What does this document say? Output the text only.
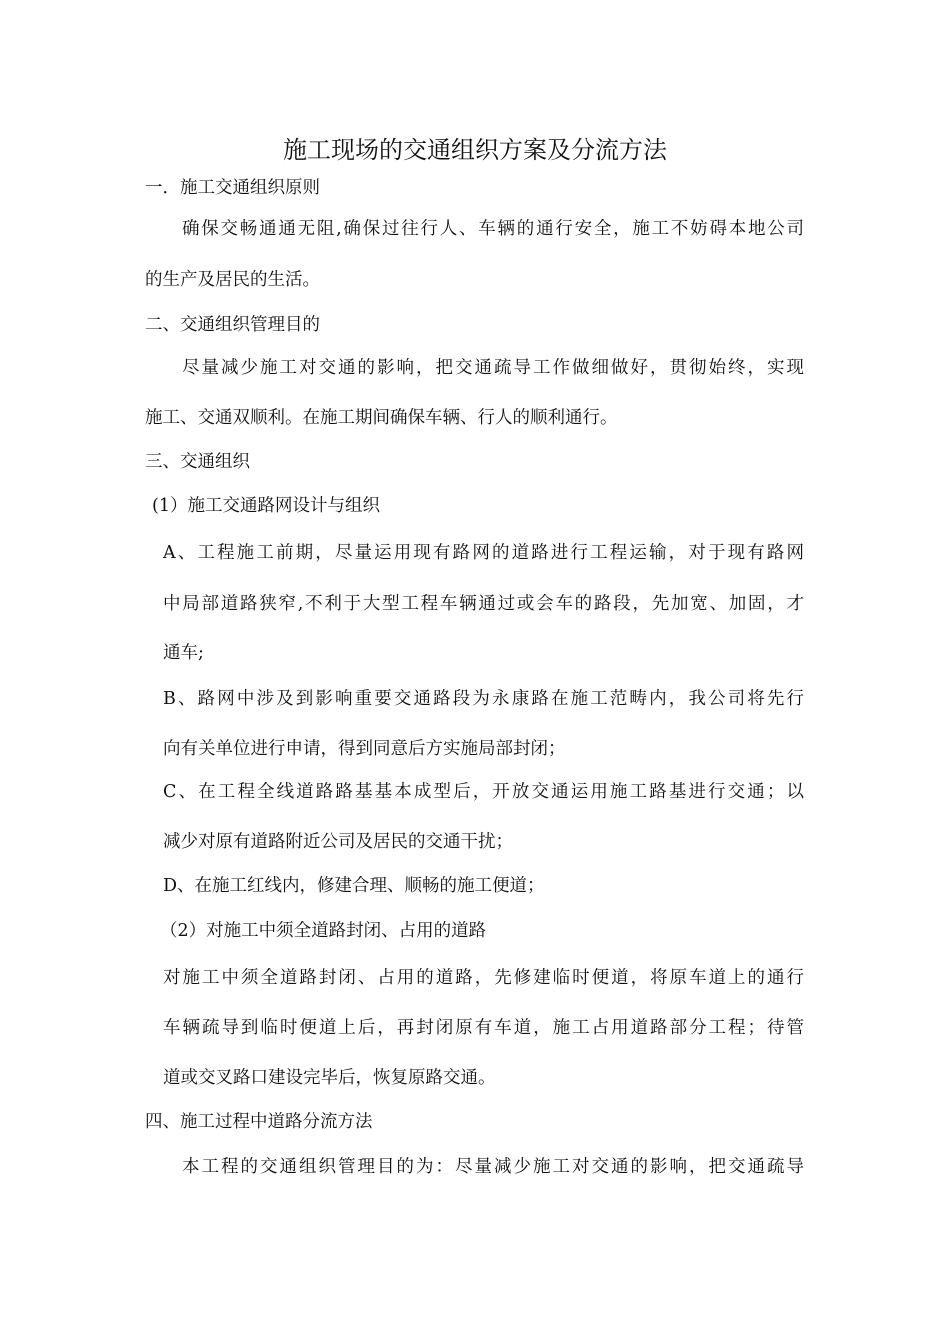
施工现场的交通组织方案及分流方法
一．施工交通组织原则
确保交畅通通无阻,确保过往行人、车辆的通行安全，施工不妨碍本地公司
的生产及居民的生活。
二、交通组织管理目的
尽量减少施工对交通的影响，把交通疏导工作做细做好，贯彻始终，实现
施工、交通双顺利。在施工期间确保车辆、行人的顺利通行。
三、交通组织
(1）施工交通路网设计与组织
A、工程施工前期，尽量运用现有路网的道路进行工程运输，对于现有路网
中局部道路狭窄,不利于大型工程车辆通过或会车的路段，先加宽、加固，才
通车;
B、路网中涉及到影响重要交通路段为永康路在施工范畴内，我公司将先行
向有关单位进行申请，得到同意后方实施局部封闭；
C、在工程全线道路路基基本成型后，开放交通运用施工路基进行交通；以
减少对原有道路附近公司及居民的交通干扰；
D、在施工红线内，修建合理、顺畅的施工便道；
（2）对施工中须全道路封闭、占用的道路
对施工中须全道路封闭、占用的道路，先修建临时便道，将原车道上的通行
车辆疏导到临时便道上后，再封闭原有车道，施工占用道路部分工程；待管
道或交叉路口建设完毕后，恢复原路交通。
四、施工过程中道路分流方法
本工程的交通组织管理目的为：尽量减少施工对交通的影响，把交通疏导
